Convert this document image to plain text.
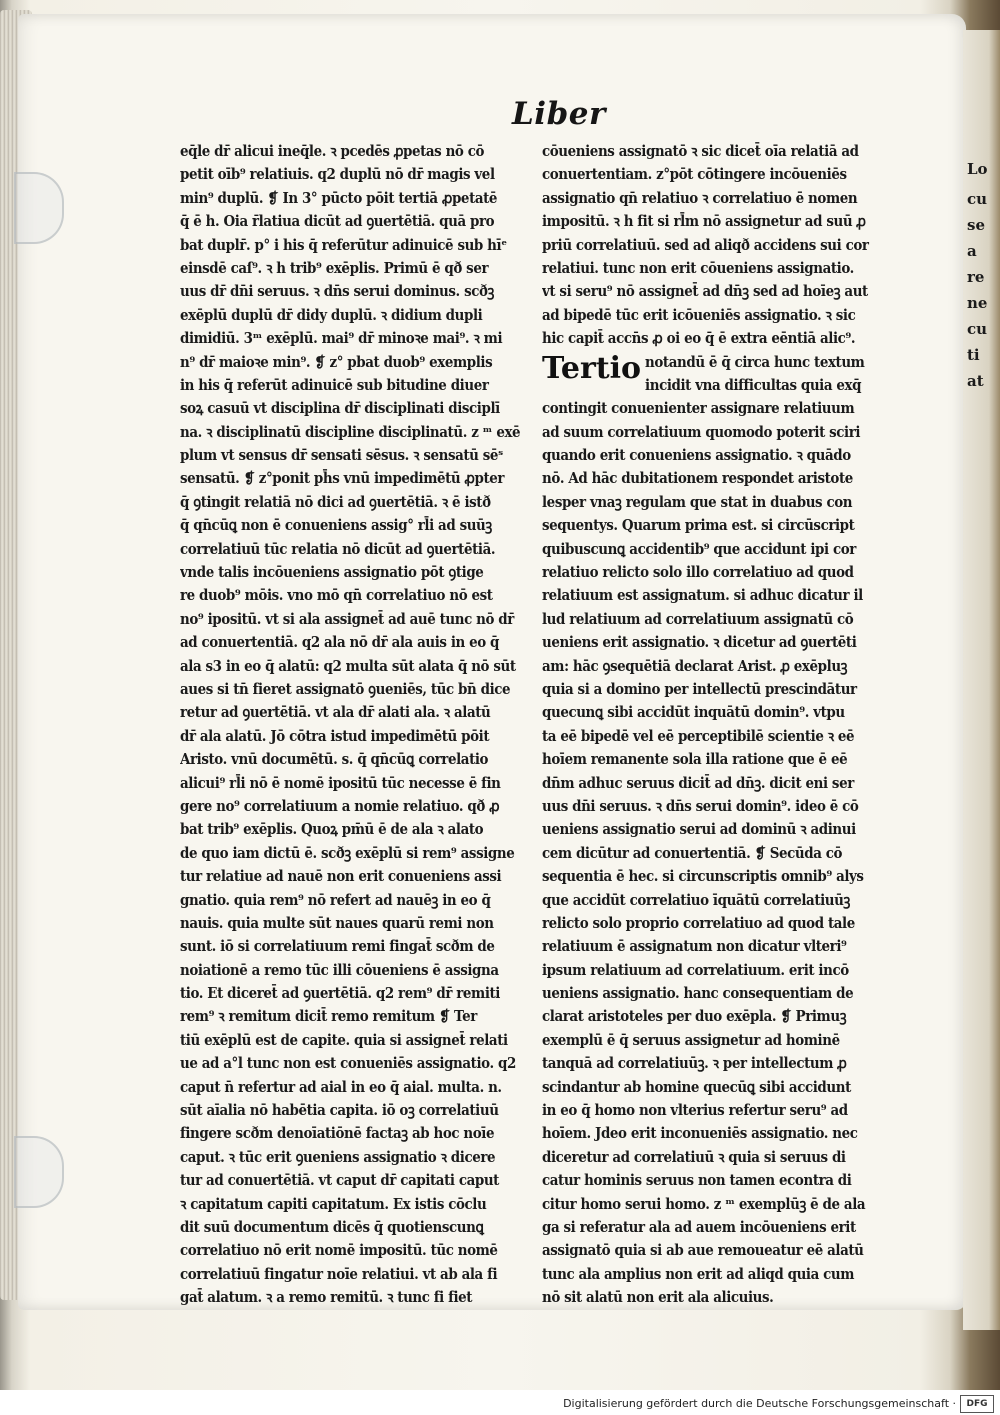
Lo
cu
se
a
re
ne
cu
ti
at
Liber
eq̄le dr̄ alicui ineq̄le. ꝛ pcedēs ꝓpetas nō cō
petit oīb⁹ relatiuis. q2 duplū nō dr̄ magis vel
min⁹ duplū. ❡ In 3° pūcto pōit tertiā ꝓpetatē
q̄ ē h. Oia r̄latiua dicūt ad ꝯuertētiā. quā pro
bat duplr̄. p° i his q̄ referūtur adinuicē sub hīᵉ
einsdē caſ⁹. ꝛ h trib⁹ exēplis. Primū ē qð ser
uus dr̄ dn̄i seruus. ꝛ dn̄s serui dominus. scðꝫ
exēplū duplū dr̄ didy duplū. ꝛ didium dupli
dimidiū. 3ᵐ exēplū. mai⁹ dr̄ minoꝛe mai⁹. ꝛ mi
n⁹ dr̄ maioꝛe min⁹. ❡ z° pbat duob⁹ exemplis
in his q̄ referūt adinuicē sub bitudine diuer
soꝝ casuū vt disciplina dr̄ disciplinati disciplī
na. ꝛ disciplinatū discipline disciplinatū. z ᵐ exē
plum vt sensus dr̄ sensati sēsus. ꝛ sensatū sēˢ
sensatū. ❡ z°ponit ph̄s vnū impedimētū ꝓpter
q̄ ꝯtingit relatiā nō dici ad ꝯuertētiā. ꝛ ē istð
q̄ qn̄cūꝗ non ē conueniens assig° rl̄i ad suūꝫ
correlatiuū tūc relatia nō dicūt ad ꝯuertētiā.
vnde talis incōueniens assignatio pōt ꝯtige
re duob⁹ mōis. vno mō qn̄ correlatiuo nō est
no⁹ ipositū. vt si ala assignet̄ ad auē tunc nō dr̄
ad conuertentiā. q2 ala nō dr̄ ala auis in eo q̄
ala s3 in eo q̄ alatū: q2 multa sūt alata q̄ nō sūt
aues si tn̄ fieret assignatō ꝯueniēs, tūc bn̄ dice
retur ad ꝯuertētiā. vt ala dr̄ alati ala. ꝛ alatū
dr̄ ala alatū. Jō cōtra istud impedimētū pōit
Aristo. vnū documētū. s. q̄ qn̄cūꝗ correlatio
alicui⁹ rl̄i nō ē nomē ipositū tūc necesse ē fin
gere no⁹ correlatiuum a nomie relatiuo. qð ꝓ
bat trib⁹ exēplis. Quoꝝ pm̄ū ē de ala ꝛ alato
de quo iam dictū ē. scðꝫ exēplū si rem⁹ assigne
tur relatiue ad nauē non erit conueniens assi
gnatio. quia rem⁹ nō refert ad nauēꝫ in eo q̄
nauis. quia multe sūt naues quarū remi non
sunt. iō si correlatiuum remi fingat̄ scðm de
noiationē a remo tūc illi cōueniens ē assigna
tio. Et diceret̄ ad ꝯuertētiā. q2 rem⁹ dr̄ remiti
rem⁹ ꝛ remitum dicit̄ remo remitum ❡ Ter
tiū exēplū est de capite. quia si assignet̄ relati
ue ad a°l tunc non est conueniēs assignatio. q2
caput n̄ refertur ad aial in eo q̄ aial. multa. n.
sūt aīalia nō habētia capita. iō oꝫ correlatiuū
fingere scðm denoīatiōnē factaꝫ ab hoc noīe
caput. ꝛ tūc erit ꝯueniens assignatio ꝛ dicere
tur ad conuertētiā. vt caput dr̄ capitati caput
ꝛ capitatum capiti capitatum. Ex istis cōclu
dit suū documentum dicēs q̄ quotienscunꝗ
correlatiuo nō erit nomē impositū. tūc nomē
correlatiuū fingatur noīe relatiui. vt ab ala fi
gat̄ alatum. ꝛ a remo remitū. ꝛ tunc fi fiet
cōueniens assignatō ꝛ sic dicet̄ oīa relatiā ad
conuertentiam. z°pōt cōtingere incōueniēs
assignatio qn̄ relatiuo ꝛ correlatiuo ē nomen
impositū. ꝛ h fit si rl̄m nō assignetur ad suū ꝓ
priū correlatiuū. sed ad aliqð accidens sui cor
relatiui. tunc non erit cōueniens assignatio.
vt si seru⁹ nō assignet̄ ad dn̄ꝫ sed ad hoīeꝫ aut
ad bipedē tūc erit icōueniēs assignatio. ꝛ sic
hic capit̄ accn̄s ꝓ oi eo q̄ ē extra eēntiā alic⁹.
Tertio notandū ē q̄ circa hunc textum
incidit vna difficultas quia exq̄
contingit conuenienter assignare relatiuum
ad suum correlatiuum quomodo poterit sciri
quando erit conueniens assignatio. ꝛ quādo
nō. Ad hāc dubitationem respondet aristote
lesper vnaꝫ regulam que stat in duabus con
sequentys. Quarum prima est. si circūscript
quibuscunꝗ accidentib⁹ que accidunt ipi cor
relatiuo relicto solo illo correlatiuo ad quod
relatiuum est assignatum. si adhuc dicatur il
lud relatiuum ad correlatiuum assignatū cō
ueniens erit assignatio. ꝛ dicetur ad ꝯuertēti
am: hāc ꝯsequētiā declarat Arist. ꝓ exēpluꝫ
quia si a domino per intellectū prescindātur
quecunꝗ sibi accidūt inquātū domin⁹. vtpu
ta eē bipedē vel eē perceptibilē scientie ꝛ eē
hoīem remanente sola illa ratione que ē eē
dn̄m adhuc seruus dicit̄ ad dn̄ꝫ. dicit eni ser
uus dn̄i seruus. ꝛ dn̄s serui domin⁹. ideo ē cō
ueniens assignatio serui ad dominū ꝛ adinui
cem dicūtur ad conuertentiā. ❡ Secūda cō
sequentia ē hec. si circunscriptis omnib⁹ alys
que accidūt correlatiuo īquātū correlatiuūꝫ
relicto solo proprio correlatiuo ad quod tale
relatiuum ē assignatum non dicatur vlteri⁹
ipsum relatiuum ad correlatiuum. erit incō
ueniens assignatio. hanc consequentiam de
clarat aristoteles per duo exēpla. ❡ Primuꝫ
exemplū ē q̄ seruus assignetur ad hominē
tanquā ad correlatiuūꝫ. ꝛ per intellectum ꝓ
scindantur ab homine quecūꝗ sibi accidunt
in eo q̄ homo non vlterius refertur seru⁹ ad
hoīem. Jdeo erit inconueniēs assignatio. nec
diceretur ad correlatiuū ꝛ quia si seruus di
catur hominis seruus non tamen econtra di
citur homo serui homo. z ᵐ exemplūꝫ ē de ala
ga si referatur ala ad auem incōueniens erit
assignatō quia si ab aue remoueatur eē alatū
tunc ala amplius non erit ad aliqd quia cum
nō sit alatū non erit ala alicuius.
Digitalisierung gefördert durch die Deutsche Forschungsgemeinschaft ·	DFG
